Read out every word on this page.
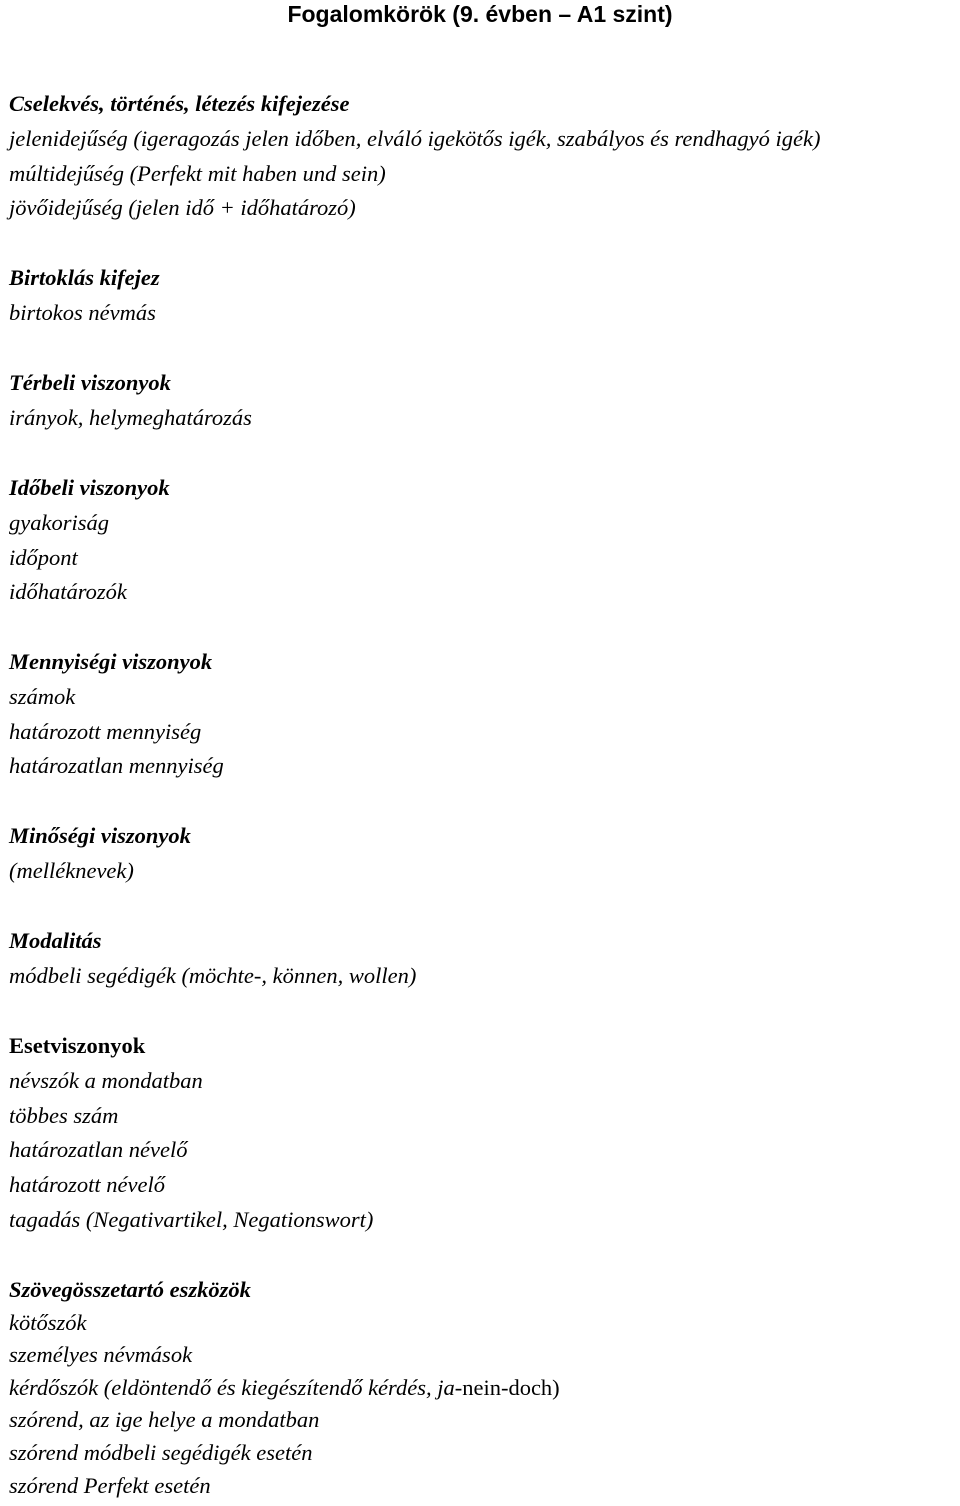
Fogalomkörök (9. évben – A1 szint)

Cselekvés, történés, létezés kifejezése

jelenidejűség (igeragozás jelen időben, elváló igekötős igék, szabályos és rendhagyó igék)

múltidejűség (Perfekt mit haben und sein)

jövőidejűség (jelen idő + időhatározó)

Birtoklás kifejez

birtokos névmás

Térbeli viszonyok

irányok, helymeghatározás

Időbeli viszonyok

gyakoriság

időpont

időhatározók

Mennyiségi viszonyok

számok

határozott mennyiség

határozatlan mennyiség

Minőségi viszonyok

(melléknevek)

Modalitás

módbeli segédigék (möchte-, können, wollen)

Esetviszonyok

névszók a mondatban

többes szám

határozatlan névelő

határozott névelő

tagadás (Negativartikel, Negationswort)

Szövegösszetartó eszközök

kötőszók

személyes névmások

kérdőszók (eldöntendő és kiegészítendő kérdés, ja-nein-doch)

szórend, az ige helye a mondatban

szórend módbeli segédigék esetén

szórend Perfekt esetén
